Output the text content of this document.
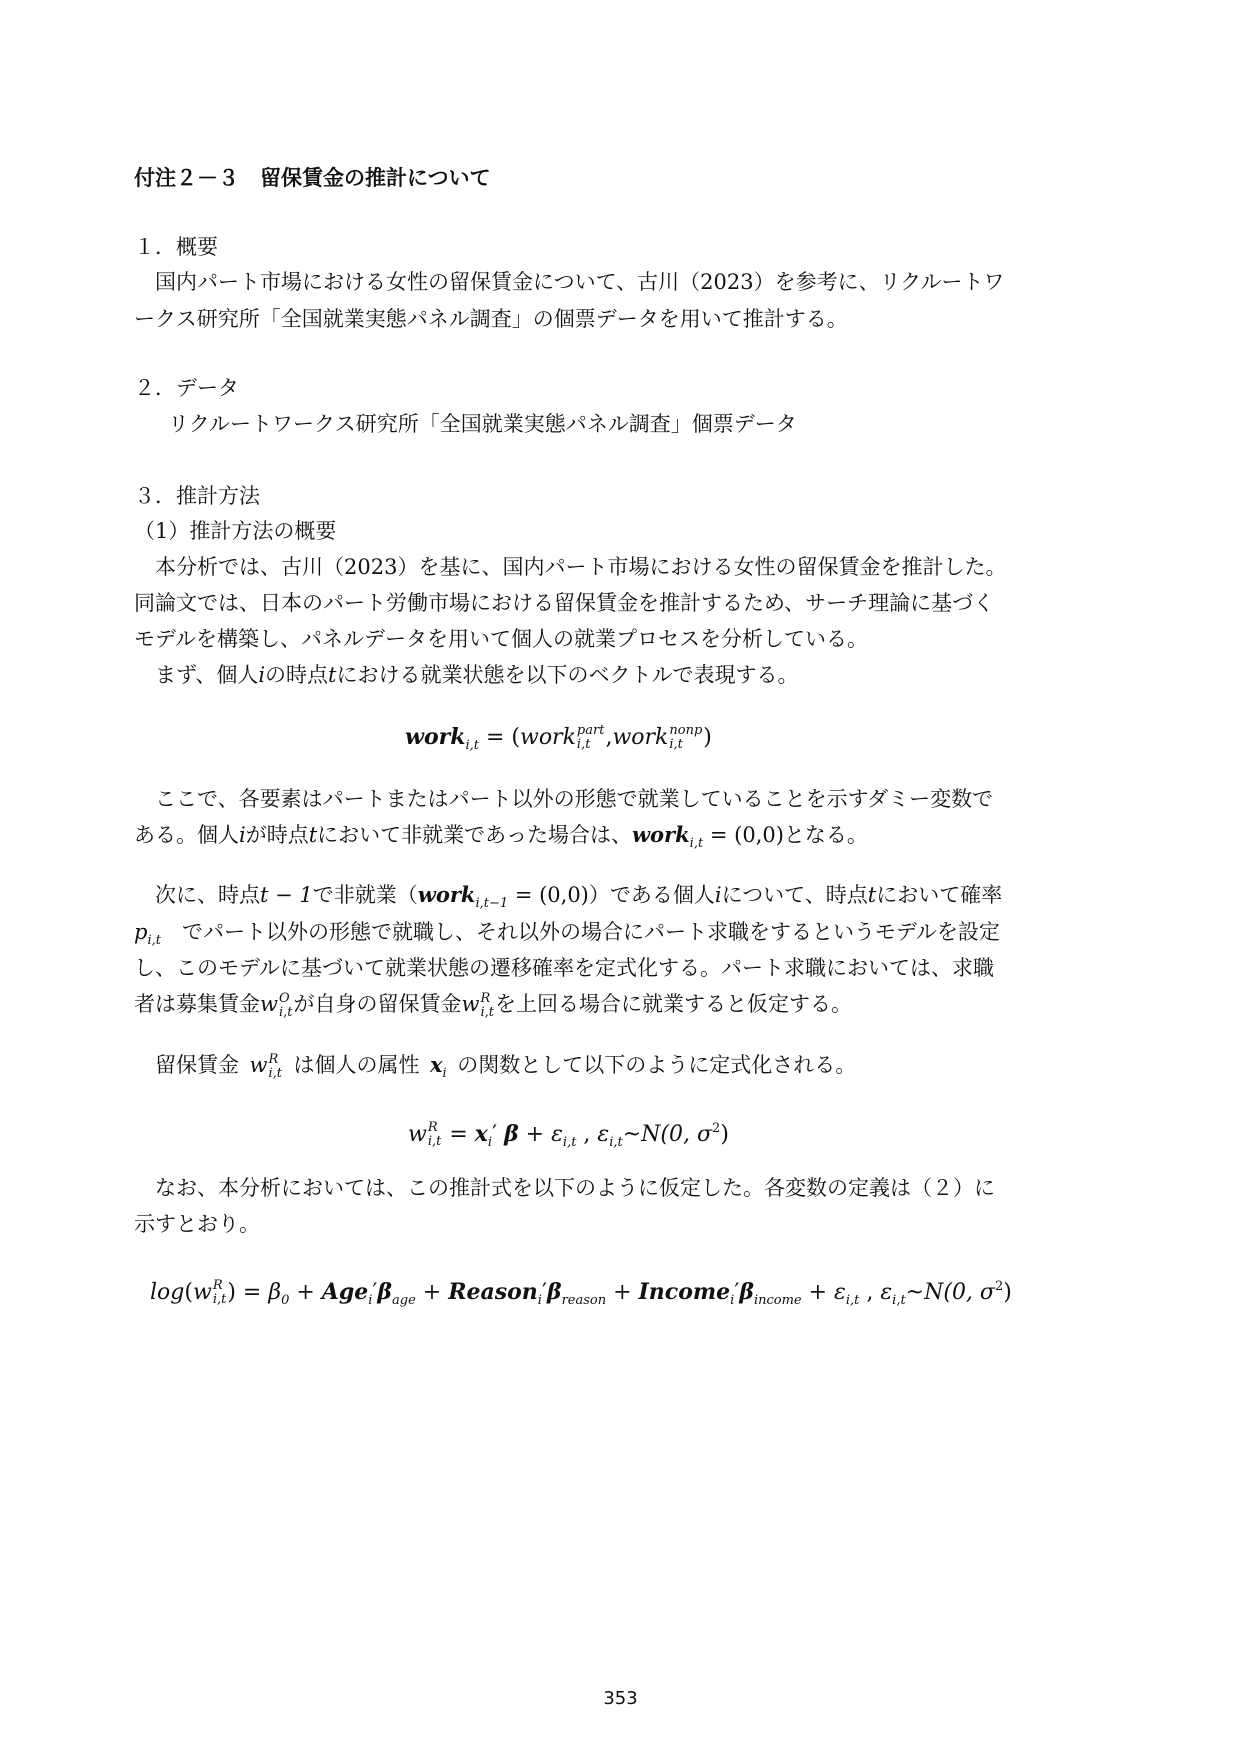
付注２－３　留保賃金の推計について
１．概要
国内パート市場における女性の留保賃金について、古川（2023）を参考に、リクルートワ
ークス研究所「全国就業実態パネル調査」の個票データを用いて推計する。
２．データ
リクルートワークス研究所「全国就業実態パネル調査」個票データ
３．推計方法
（1）推計方法の概要
本分析では、古川（2023）を基に、国内パート市場における女性の留保賃金を推計した。
同論文では、日本のパート労働市場における留保賃金を推計するため、サーチ理論に基づく
モデルを構築し、パネルデータを用いて個人の就業プロセスを分析している。
まず、個人iの時点tにおける就業状態を以下のベクトルで表現する。
work$_{i,t}$ = (work part
i,t ,work nonp
i,t )
ここで、各要素はパートまたはパート以外の形態で就業していることを示すダミー変数で
ある。個人iが時点tにおいて非就業であった場合は、work$_{i,t}$ = (0,0)となる。
次に、時点t − 1で非就業（work$_{i,t-1}$ = (0,0)）である個人iについて、時点tにおいて確率
$p_{i,t}$  でパート以外の形態で就職し、それ以外の場合にパート求職をするというモデルを設定
し、このモデルに基づいて就業状態の遷移確率を定式化する。パート求職においては、求職
者は募集賃金w O
i,t が自身の留保賃金w R
i,t を上回る場合に就業すると仮定する。
留保賃金  w R
i,t
  は個人の属性  $x_i$  の関数として以下のように定式化される。
w R
$i,t = x_i'$ $\beta + \varepsilon_{i,t}$ , $\varepsilon_{i,t}\sim N(0$, $\sigma^2$)
なお、本分析においては、この推計式を以下のように仮定した。各変数の定義は（２）に
示すとおり。
log(w R
i,t ) = $\beta_0 + Age_i'\beta_{age}$ + $Reason_i'\beta_{reason}$ + $Income_i'\beta_{income} + \varepsilon_{i,t}$ , $\varepsilon_{i,t}\sim N(0$, $\sigma^2$)
353
